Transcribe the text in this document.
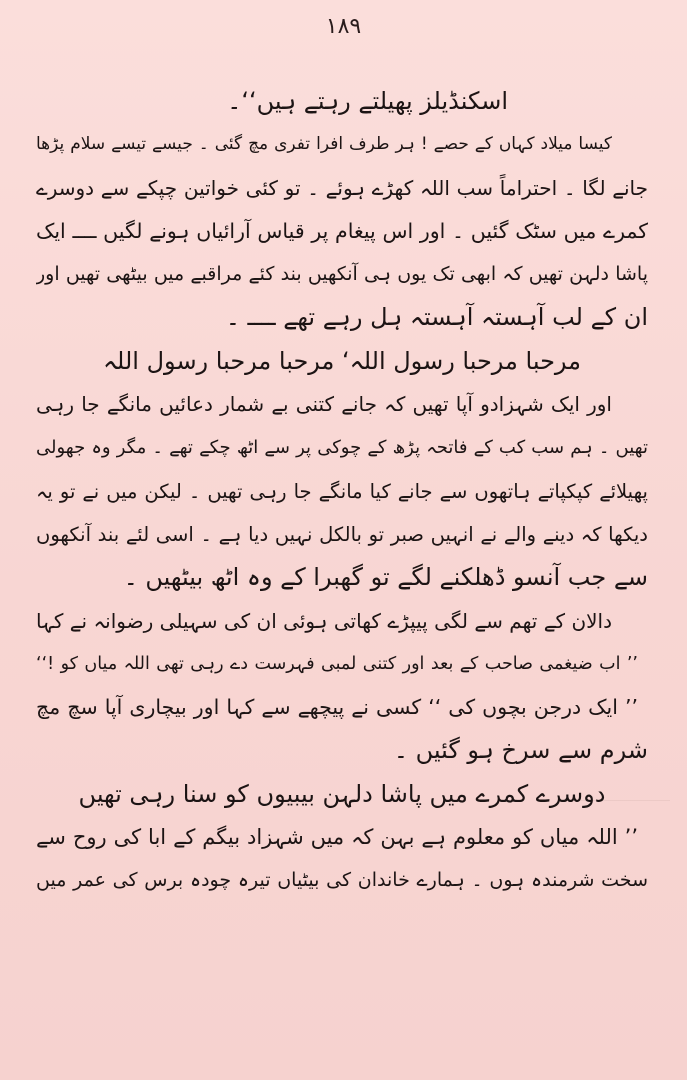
۱۸۹
اسکنڈیلز پھیلتے رہتے ہیں‘‘۔
کیسا میلاد کہاں کے حصے ! ہر طرف افرا تفری مچ گئی ۔ جیسے تیسے سلام پڑھا
جانے لگا ۔ احتراماً سب اللہ کھڑے ہوئے ۔ تو کئی خواتین چپکے سے دوسرے
کمرے میں سٹک گئیں ۔ اور اس پیغام پر قیاس آرائیاں ہونے لگیں ــــ ایک
پاشا دلہن تھیں کہ ابھی تک یوں ہی آنکھیں بند کئے مراقبے میں بیٹھی تھیں اور
ان کے لب آہستہ آہستہ ہل رہے تھے ــــ ۔
مرحبا مرحبا رسول اللہ‘ مرحبا مرحبا رسول اللہ
اور ایک شہزادو آپا تھیں کہ جانے کتنی بے شمار دعائیں مانگے جا رہی
تھیں ۔ ہم سب کب کے فاتحہ پڑھ کے چوکی پر سے اٹھ چکے تھے ۔ مگر وہ جھولی
پھیلائے کپکپاتے ہاتھوں سے جانے کیا مانگے جا رہی تھیں ۔ لیکن میں نے تو یہ
دیکھا کہ دینے والے نے انہیں صبر تو بالکل نہیں دیا ہے ۔ اسی لئے بند آنکھوں
سے جب آنسو ڈھلکنے لگے تو گھبرا کے وہ اٹھ بیٹھیں ۔
دالان کے تھم سے لگی پیپڑے کھاتی ہوئی ان کی سہیلی رضوانہ نے کہا
’’ اب ضیغمی صاحب کے بعد اور کتنی لمبی فہرست دے رہی تھی اللہ میاں کو !‘‘
’’ ایک درجن بچوں کی ‘‘ کسی نے پیچھے سے کہا اور بیچاری آپا سچ مچ
شرم سے سرخ ہو گئیں ۔
دوسرے کمرے میں پاشا دلہن بیبیوں کو سنا رہی تھیں
’’ اللہ میاں کو معلوم ہے بہن کہ میں شہزاد بیگم کے ابا کی روح سے
سخت شرمندہ ہوں ۔ ہمارے خاندان کی بیٹیاں تیرہ چودہ برس کی عمر میں
